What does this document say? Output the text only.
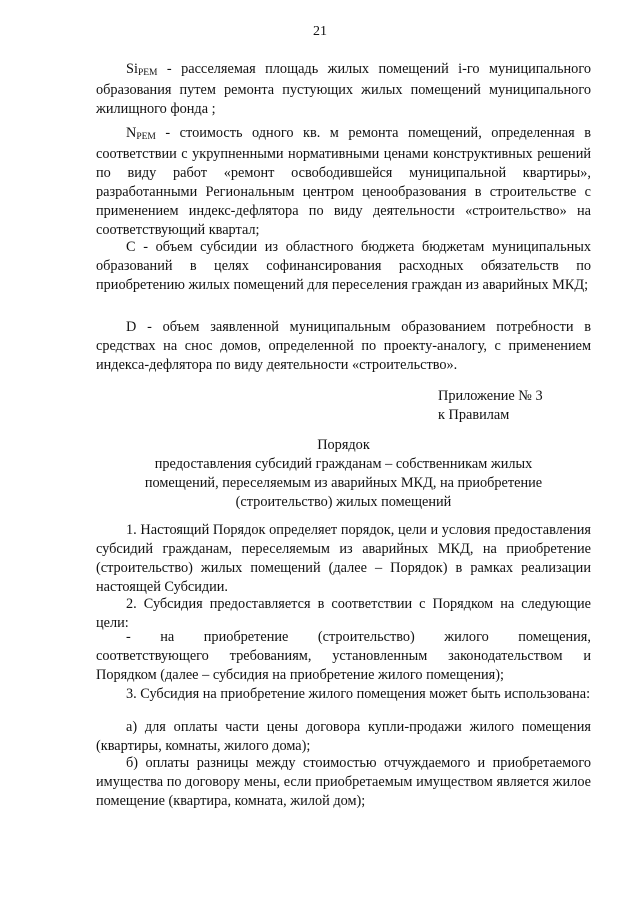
21

SiРЕМ - расселяемая площадь жилых помещений i-го муниципального образования путем ремонта пустующих жилых помещений муниципального жилищного фонда ;

NРЕМ - стоимость одного кв. м ремонта помещений, определенная в соответствии с укрупненными нормативными ценами конструктивных решений по виду работ «ремонт освободившейся муниципальной квартиры», разработанными Региональным центром ценообразования в строительстве с применением индекс-дефлятора по виду деятельности «строительство» на соответствующий квартал;

С - объем субсидии из областного бюджета бюджетам муниципальных образований в целях софинансирования расходных обязательств по приобретению жилых помещений для переселения граждан из аварийных МКД;

D - объем заявленной муниципальным образованием потребности в средствах на снос домов, определенной по проекту-аналогу, с применением индекса-дефлятора по виду деятельности «строительство».

Приложение № 3
к Правилам
Порядок
предоставления субсидий гражданам – собственникам жилых
помещений, переселяемым из аварийных МКД, на приобретение
(строительство) жилых помещений

1. Настоящий Порядок определяет порядок, цели и условия предоставления субсидий гражданам, переселяемым из аварийных МКД, на приобретение (строительство) жилых помещений (далее – Порядок) в рамках реализации настоящей Субсидии.

2. Субсидия предоставляется в соответствии с Порядком на следующие цели:

- на приобретение (строительство) жилого помещения,
соответствующего требованиям, установленным законодательством и
Порядком (далее – субсидия на приобретение жилого помещения);

3. Субсидия на приобретение жилого помещения может быть использована:

а) для оплаты части цены договора купли-продажи жилого помещения (квартиры, комнаты, жилого дома);

б) оплаты разницы между стоимостью отчуждаемого и приобретаемого имущества по договору мены, если приобретаемым имуществом является жилое помещение (квартира, комната, жилой дом);
